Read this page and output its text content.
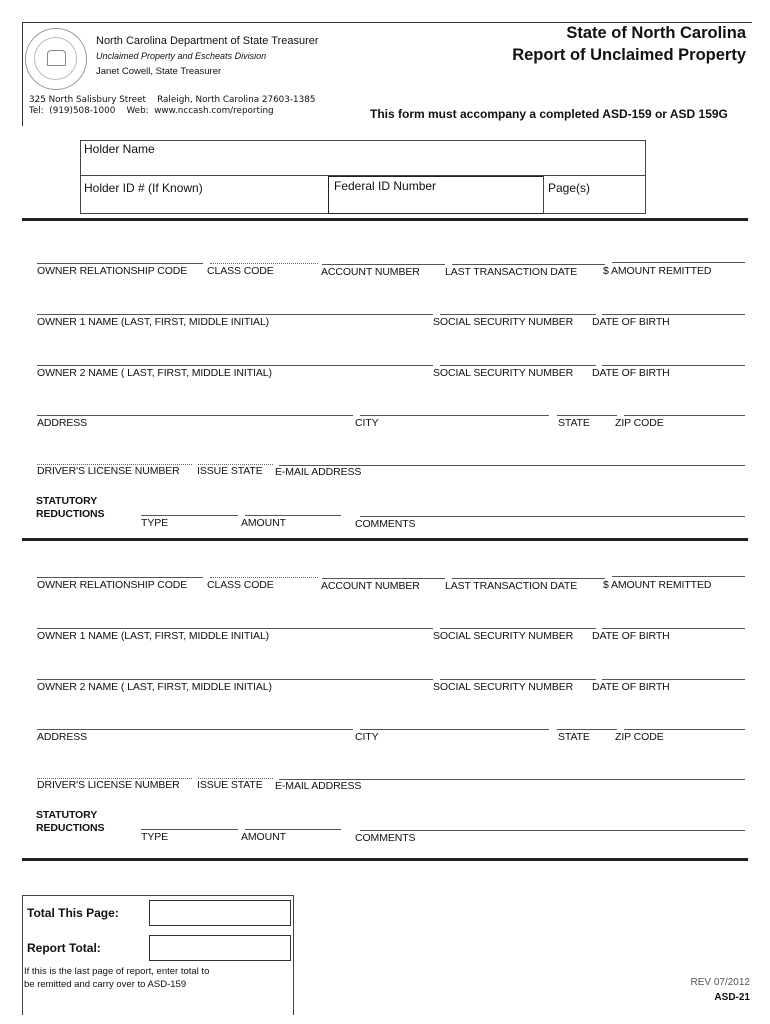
North Carolina Department of State Treasurer
Unclaimed Property and Escheats Division
Janet Cowell, State Treasurer
325 North Salisbury Street    Raleigh, North Carolina 27603-1385
Tel:  (919)508-1000    Web:  www.nccash.com/reporting
State of North Carolina
Report of Unclaimed Property
This form must accompany a completed ASD-159 or ASD 159G
Holder Name
Holder ID # (If Known)	Federal ID Number	Page(s)
OWNER RELATIONSHIP CODE CLASS CODE	ACCOUNT NUMBER LAST TRANSACTION DATE $ AMOUNT REMITTED
OWNER 1 NAME (LAST, FIRST, MIDDLE INITIAL)	SOCIAL SECURITY NUMBER DATE OF BIRTH
OWNER 2 NAME ( LAST, FIRST, MIDDLE INITIAL)	SOCIAL SECURITY NUMBER DATE OF BIRTH
ADDRESS	CITY	STATE ZIP CODE
DRIVER'S LICENSE NUMBER ISSUE STATE E-MAIL ADDRESS
STATUTORY
REDUCTIONS
TYPE	AMOUNT	COMMENTS
OWNER RELATIONSHIP CODE CLASS CODE	ACCOUNT NUMBER LAST TRANSACTION DATE $ AMOUNT REMITTED
OWNER 1 NAME (LAST, FIRST, MIDDLE INITIAL)	SOCIAL SECURITY NUMBER DATE OF BIRTH
OWNER 2 NAME ( LAST, FIRST, MIDDLE INITIAL)	SOCIAL SECURITY NUMBER DATE OF BIRTH
ADDRESS	CITY	STATE ZIP CODE
DRIVER'S LICENSE NUMBER ISSUE STATE E-MAIL ADDRESS
STATUTORY
REDUCTIONS
TYPE	AMOUNT	COMMENTS
Total This Page:
Report Total:
If this is the last page of report, enter total to
be remitted and carry over to ASD-159	REV 07/2012
ASD-21
